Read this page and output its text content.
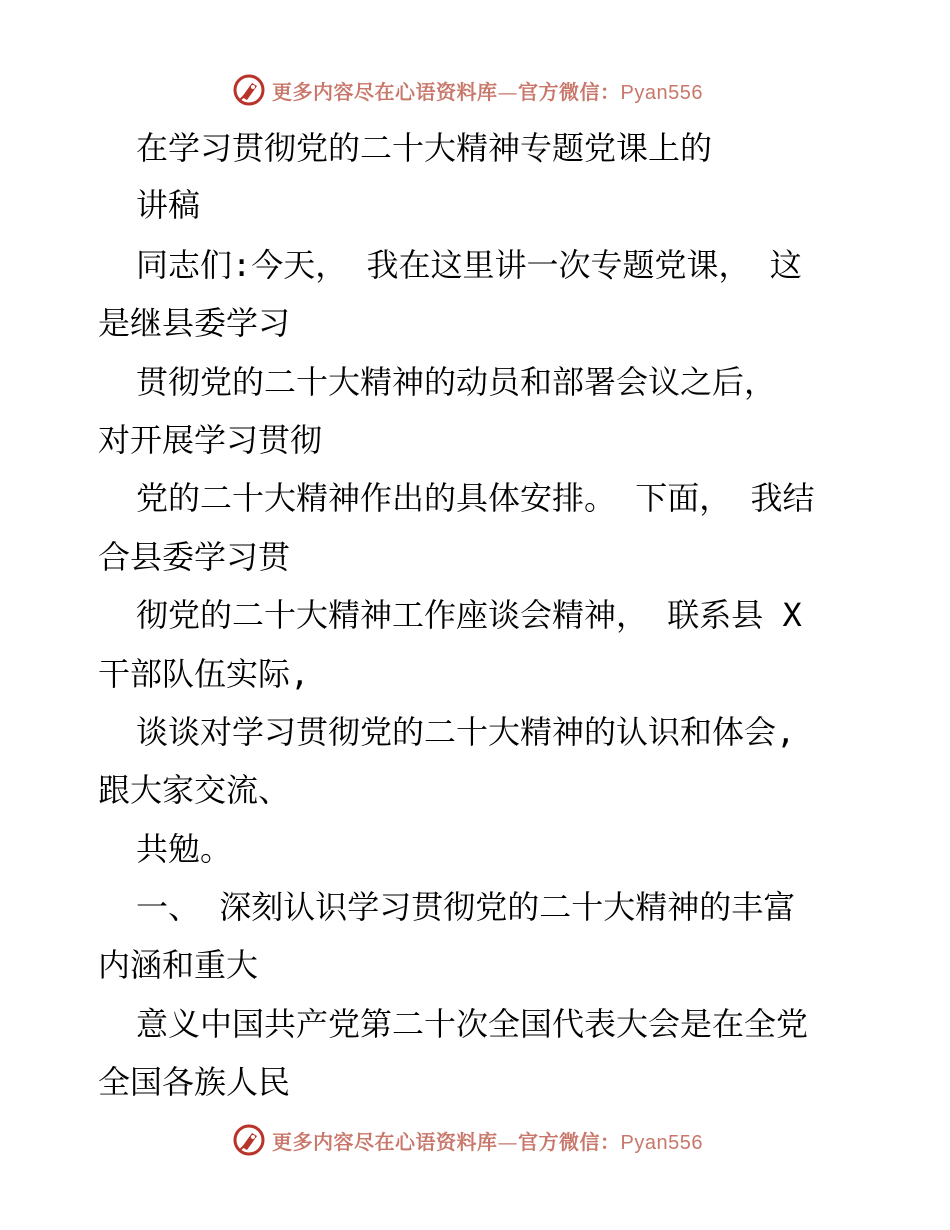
更多内容尽在心语资料库—官方微信：Pyan556

在学习贯彻党的二十大精神专题党课上的

讲稿

同志们:今天， 我在这里讲一次专题党课， 这

是继县委学习

贯彻党的二十大精神的动员和部署会议之后，

对开展学习贯彻

党的二十大精神作出的具体安排。 下面， 我结

合县委学习贯

彻党的二十大精神工作座谈会精神， 联系县 X

干部队伍实际,

谈谈对学习贯彻党的二十大精神的认识和体会,

跟大家交流、

共勉。

一、 深刻认识学习贯彻党的二十大精神的丰富

内涵和重大

意义中国共产党第二十次全国代表大会是在全党

全国各族人民

更多内容尽在心语资料库—官方微信：Pyan556
